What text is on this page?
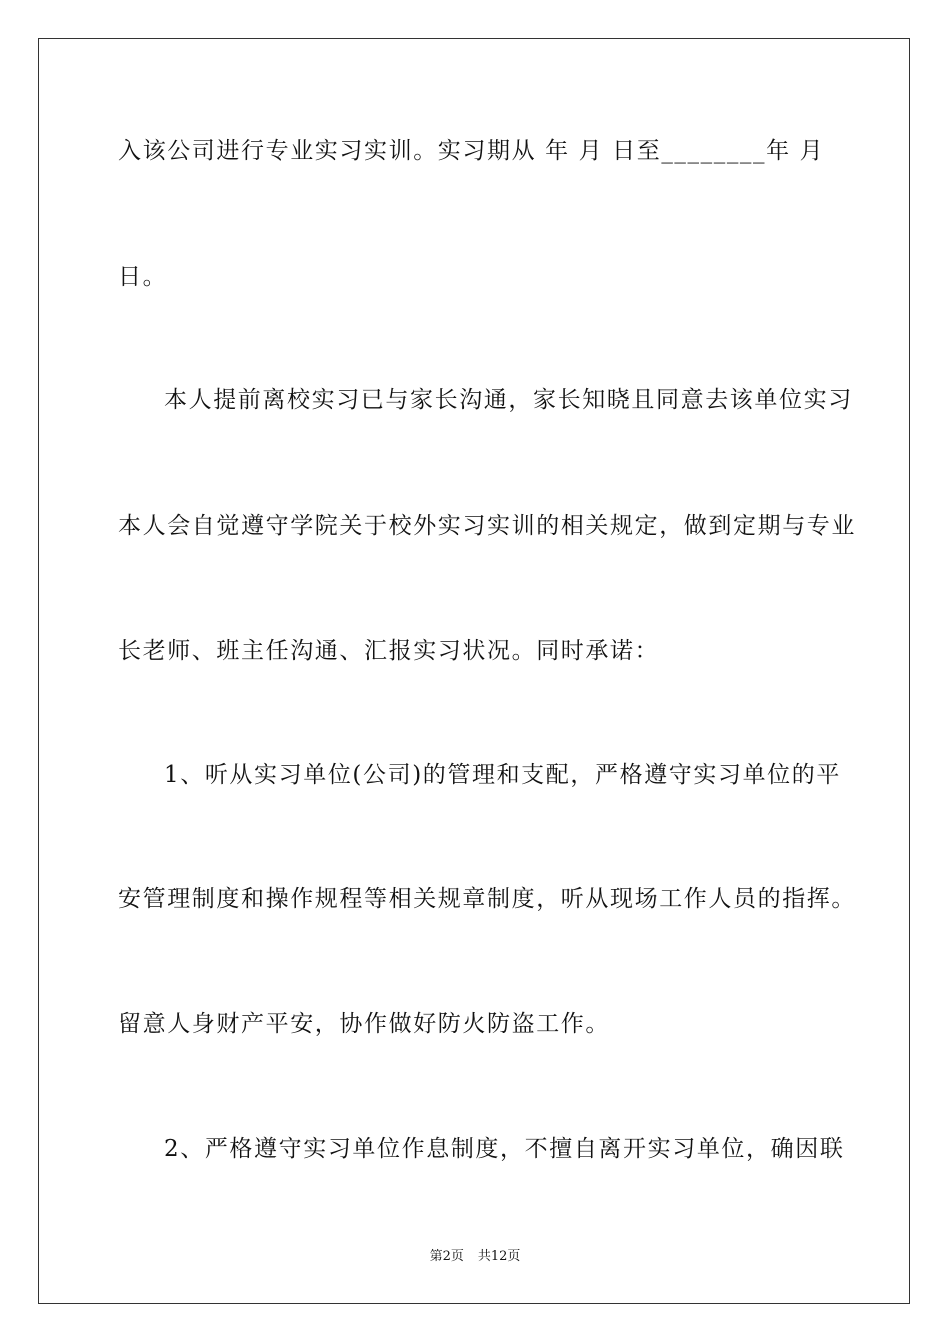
入该公司进行专业实习实训。实习期从 年 月 日至________年 月
日。
本人提前离校实习已与家长沟通，家长知晓且同意去该单位实习
本人会自觉遵守学院关于校外实习实训的相关规定，做到定期与专业
长老师、班主任沟通、汇报实习状况。同时承诺：
1、听从实习单位(公司)的管理和支配，严格遵守实习单位的平
安管理制度和操作规程等相关规章制度，听从现场工作人员的指挥。
留意人身财产平安，协作做好防火防盗工作。
2、严格遵守实习单位作息制度，不擅自离开实习单位，确因联
第2页 共12页
